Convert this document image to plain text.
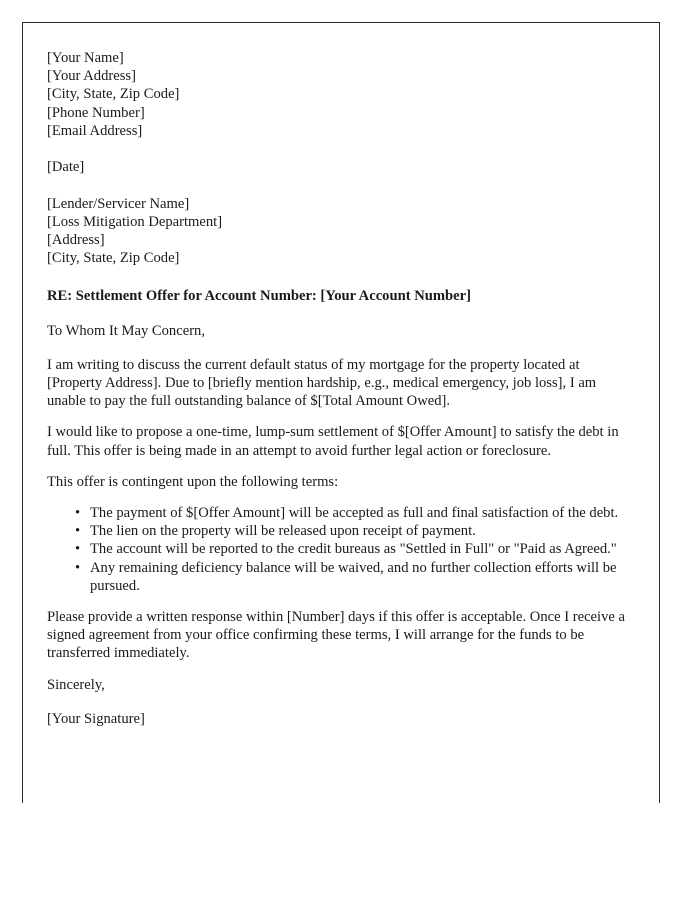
[Your Name]
[Your Address]
[City, State, Zip Code]
[Phone Number]
[Email Address]
[Date]
[Lender/Servicer Name]
[Loss Mitigation Department]
[Address]
[City, State, Zip Code]

RE: Settlement Offer for Account Number: [Your Account Number]

To Whom It May Concern,

I am writing to discuss the current default status of my mortgage for the property located at [Property Address]. Due to [briefly mention hardship, e.g., medical emergency, job loss], I am unable to pay the full outstanding balance of $[Total Amount Owed].

I would like to propose a one-time, lump-sum settlement of $[Offer Amount] to satisfy the debt in full. This offer is being made in an attempt to avoid further legal action or foreclosure.

This offer is contingent upon the following terms:

• The payment of $[Offer Amount] will be accepted as full and final satisfaction of the debt.
• The lien on the property will be released upon receipt of payment.
• The account will be reported to the credit bureaus as "Settled in Full" or "Paid as Agreed."
• Any remaining deficiency balance will be waived, and no further collection efforts will be pursued.

Please provide a written response within [Number] days if this offer is acceptable. Once I receive a signed agreement from your office confirming these terms, I will arrange for the funds to be transferred immediately.

Sincerely,

[Your Signature]
